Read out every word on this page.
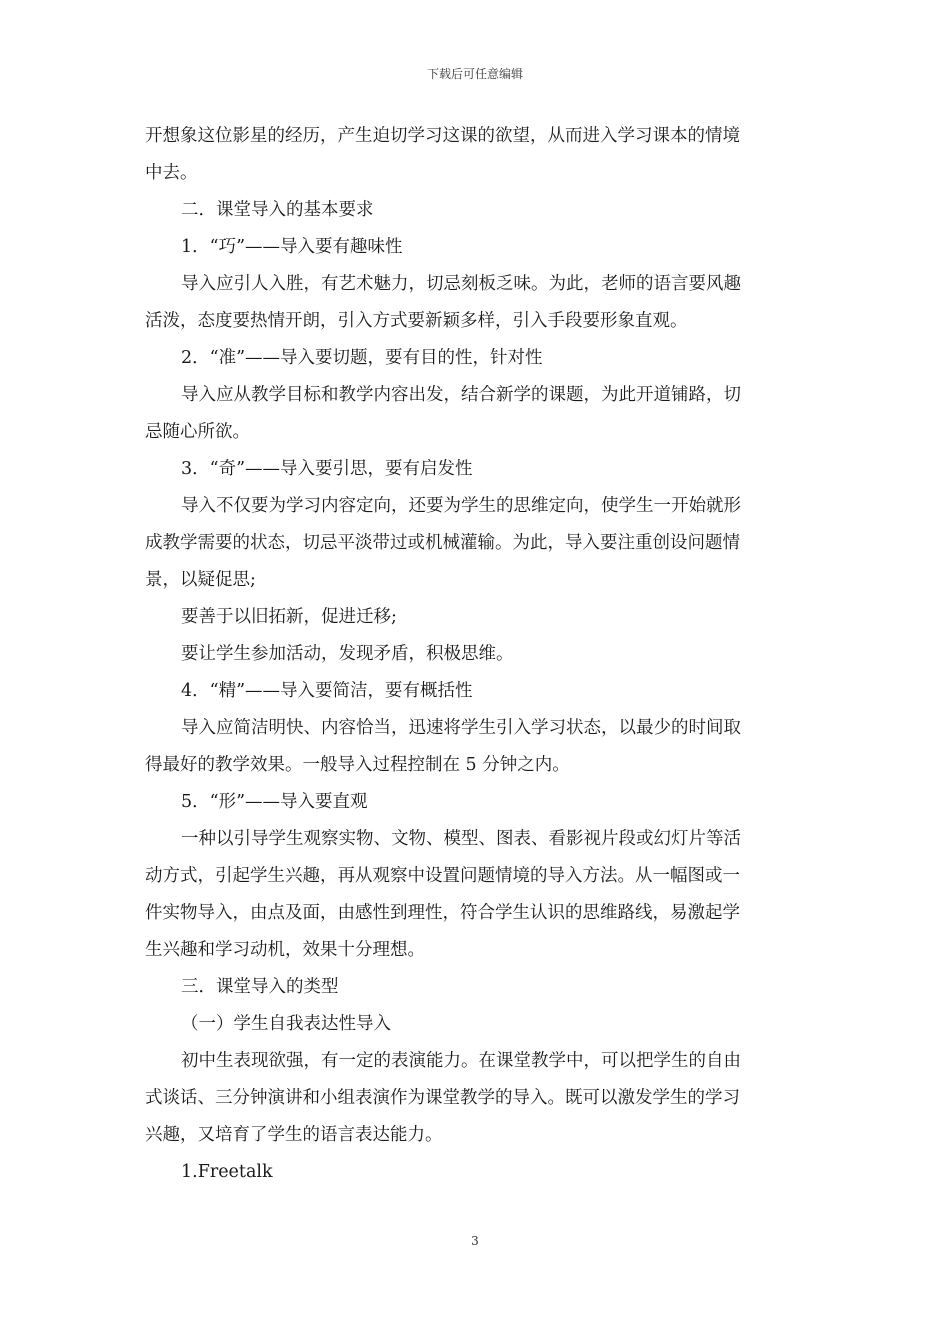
下载后可任意编辑
开想象这位影星的经历，产生迫切学习这课的欲望，从而进入学习课本的情境
中去。
二．课堂导入的基本要求
1．“巧”——导入要有趣味性
导入应引人入胜，有艺术魅力，切忌刻板乏味。为此，老师的语言要风趣
活泼，态度要热情开朗，引入方式要新颖多样，引入手段要形象直观。
2．“准”——导入要切题，要有目的性，针对性
导入应从教学目标和教学内容出发，结合新学的课题，为此开道铺路，切
忌随心所欲。
3．“奇”——导入要引思，要有启发性
导入不仅要为学习内容定向，还要为学生的思维定向，使学生一开始就形
成教学需要的状态，切忌平淡带过或机械灌输。为此，导入要注重创设问题情
景，以疑促思;
要善于以旧拓新，促进迁移;
要让学生参加活动，发现矛盾，积极思维。
4．“精”——导入要简洁，要有概括性
导入应简洁明快、内容恰当，迅速将学生引入学习状态，以最少的时间取
得最好的教学效果。一般导入过程控制在 5 分钟之内。
5．“形”——导入要直观
一种以引导学生观察实物、文物、模型、图表、看影视片段或幻灯片等活
动方式，引起学生兴趣，再从观察中设置问题情境的导入方法。从一幅图或一
件实物导入，由点及面，由感性到理性，符合学生认识的思维路线，易激起学
生兴趣和学习动机，效果十分理想。
三．课堂导入的类型
（一）学生自我表达性导入
初中生表现欲强，有一定的表演能力。在课堂教学中，可以把学生的自由
式谈话、三分钟演讲和小组表演作为课堂教学的导入。既可以激发学生的学习
兴趣，又培育了学生的语言表达能力。
1.Freetalk
3
